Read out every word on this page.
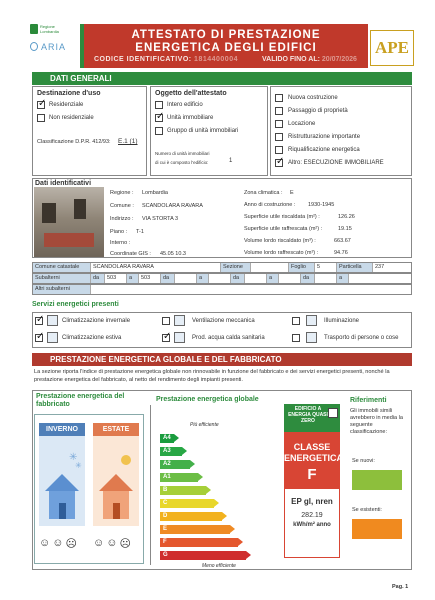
Regione Lombardia
ARIA
ATTESTATO DI PRESTAZIONE
ENERGETICA DEGLI EDIFICI
CODICE IDENTIFICATIVO: 1814400004	VALIDO FINO AL: 20/07/2026
APE
DATI GENERALI
Destinazione d'uso
✓
Residenziale
Non residenziale
Classificazione D.P.R. 412/93: E.1 (1)
Oggetto dell'attestato
Intero edificio
✓
Unità immobiliare
Gruppo di unità immobiliari
Numero di unità immobiliari
di cui è composto l'edificio:	1
Nuova costruzione
Passaggio di proprietà
Locazione
Ristrutturazione importante
Riqualificazione energetica
✓
Altro: ESECUZIONE IMMOBILIARE
Dati identificativi
Regione : Lombardia
Comune : SCANDOLARA RAVARA
Indirizzo : VIA STORTA 3
Piano : T-1
Interno :
Coordinate GIS : 45.05 10.3
Zona climatica : E
Anno di costruzione : 1930-1945
Superficie utile riscaldata (m²) :	126.26
Superficie utile raffrescata (m²) :	19.15
Volume lordo riscaldato (m³) :	663.67
Volume lordo raffrescato (m³) :	94.76
Comune catastale	SCANDOLARA RAVARA	Sezione	Foglio	5	Particella	237
Subalterni	da	503	a	503	da	a	da	a	da	a
Altri subalterni
Servizi energetici presenti
✓
Climatizzazione invernale
✓
Climatizzazione estiva
Ventilazione meccanica
✓
Prod. acqua calda sanitaria
Illuminazione
Trasporto di persone o cose
PRESTAZIONE ENERGETICA GLOBALE E DEL FABBRICATO
La sezione riporta l'indice di prestazione energetica globale non rinnovabile in funzione del fabbricato e dei servizi energetici presenti, nonché la prestazione energetica del fabbricato, al netto del rendimento degli impianti presenti.
Prestazione energetica del fabbricato
INVERNO
✳
✳
ESTATE
☺ ☺ ☹ ☺ ☺ ☹
Prestazione energetica globale
Più efficiente
A4
A3
A2
A1
B
C
D
E
F
G
Meno efficiente
EDIFICIO A ENERGIA QUASI ZERO
CLASSE ENERGETICA
F
EP gl, nren
282.19
kWh/m² anno
Riferimenti
Gli immobili simili avrebbero in media la seguente classificazione:
Se nuovi:
Se esistenti:
Pag. 1
